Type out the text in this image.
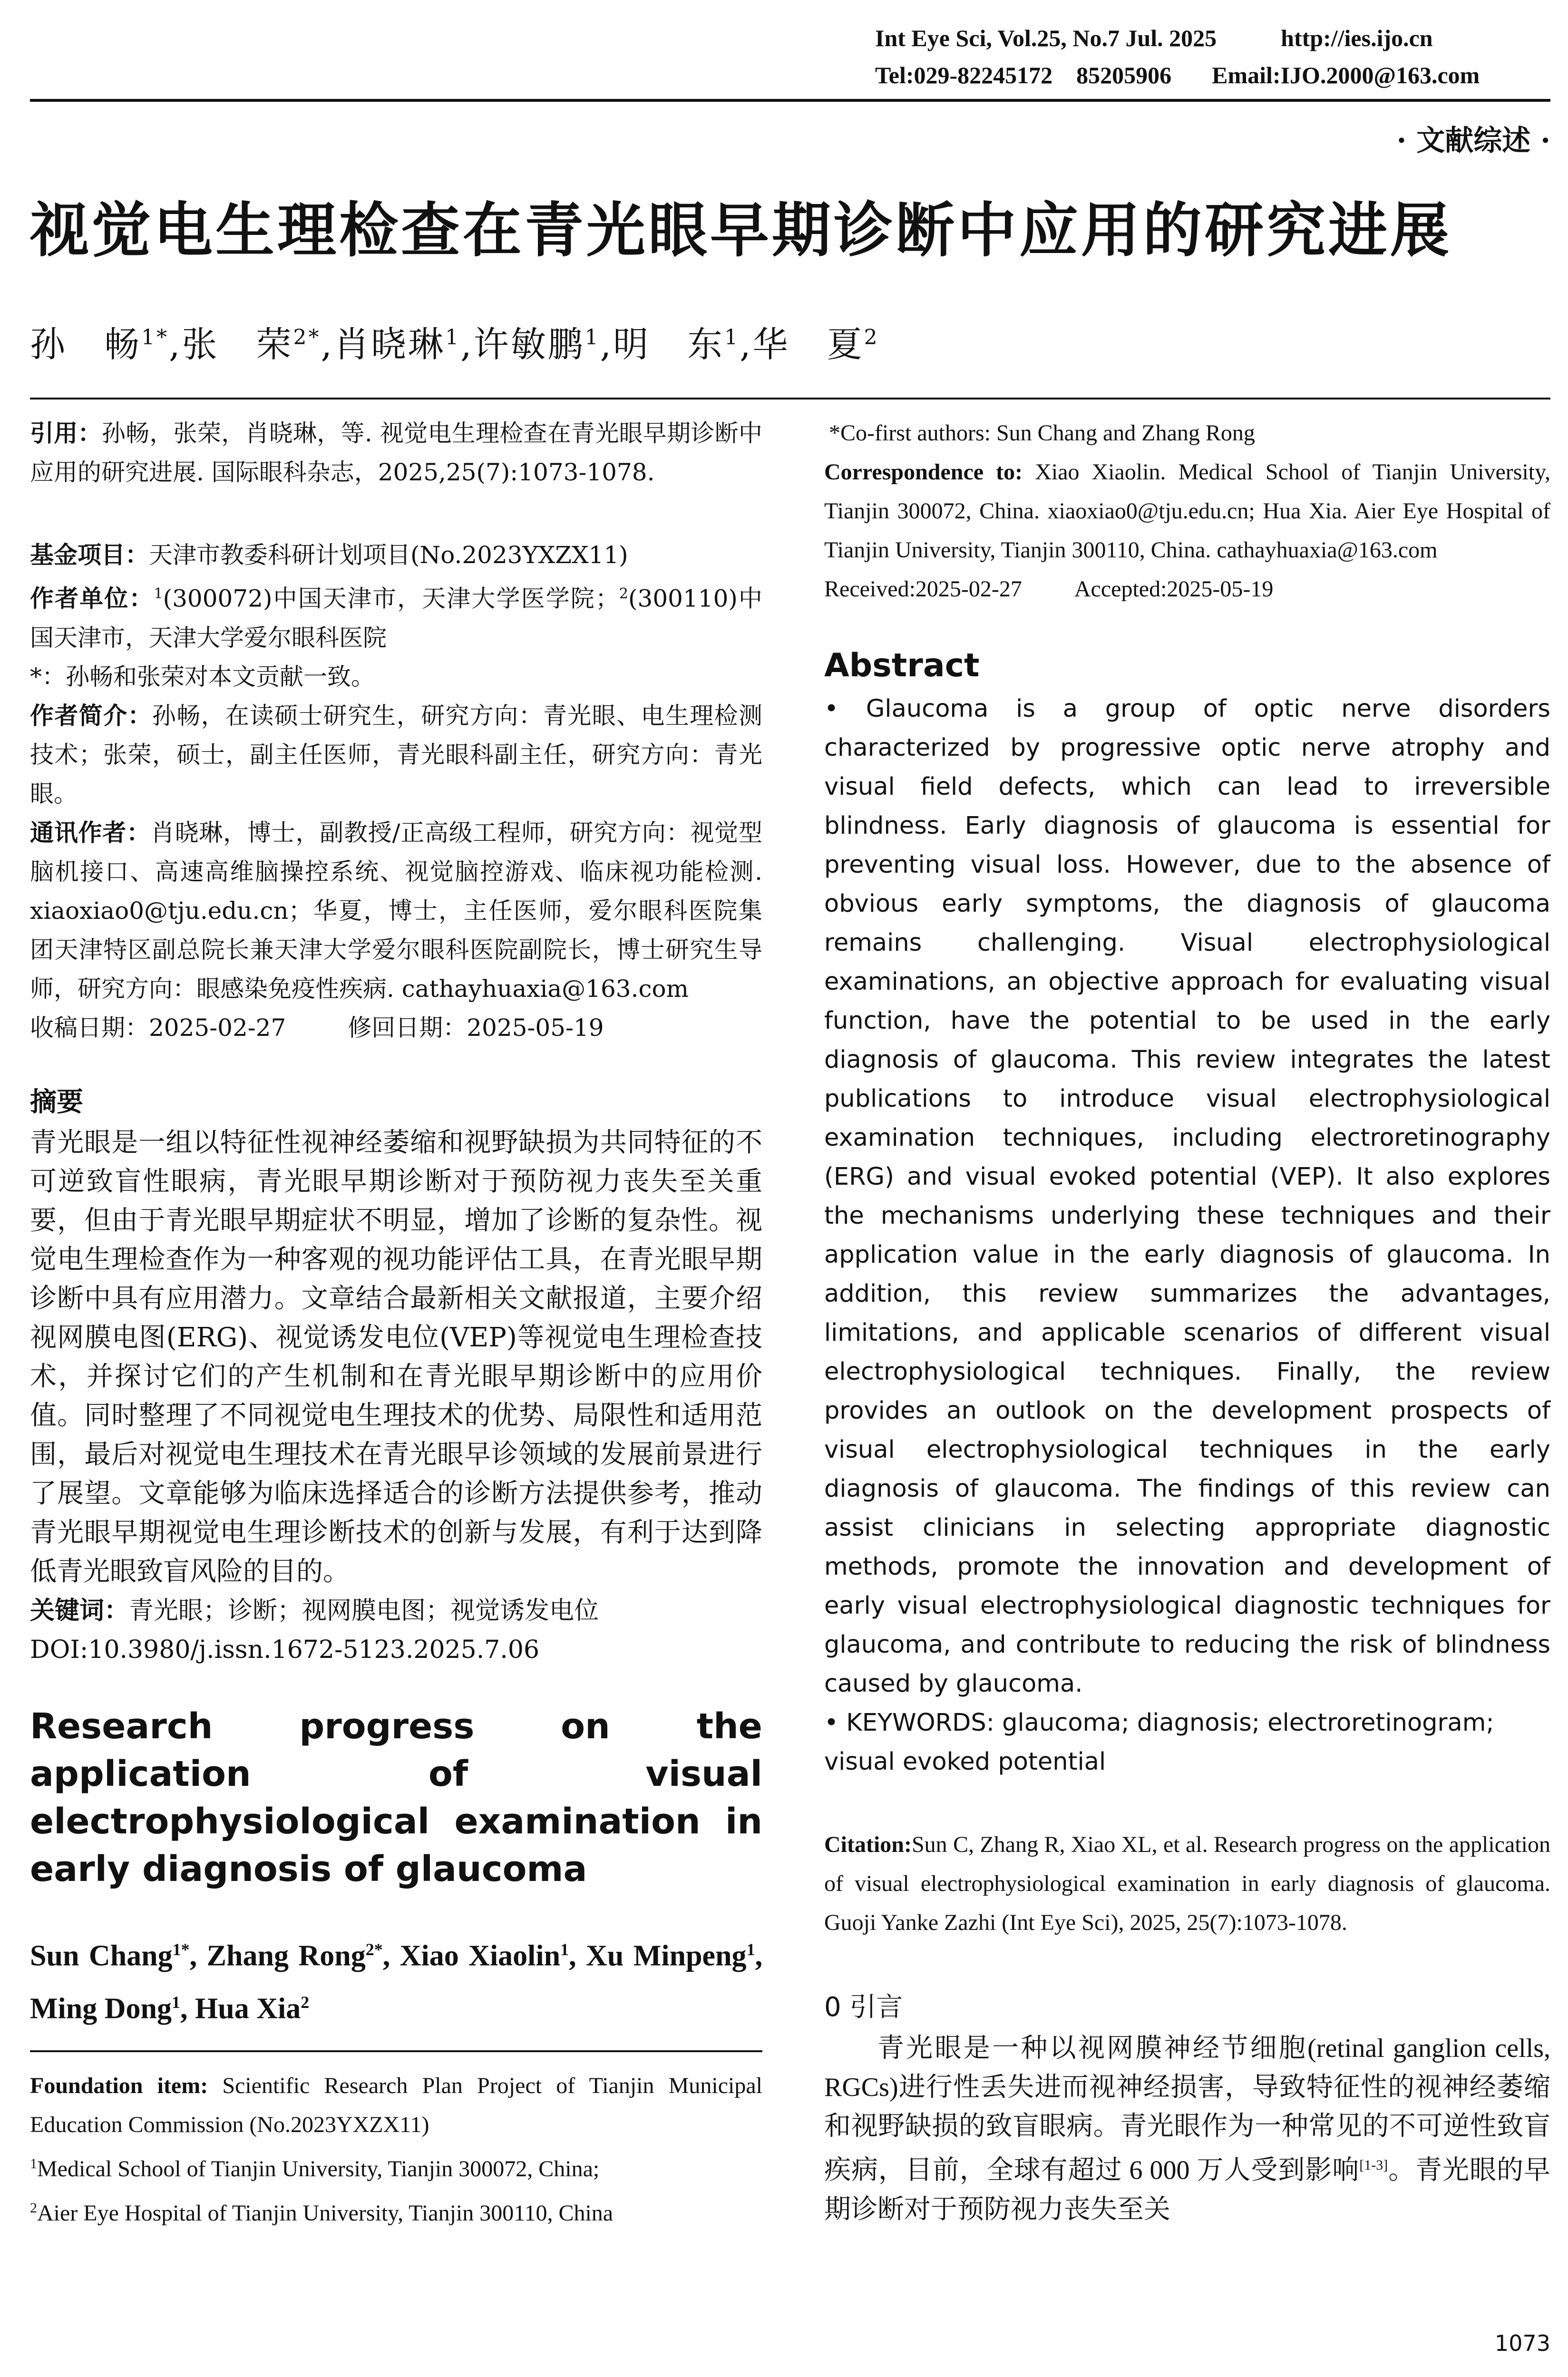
Int Eye Sci, Vol.25, No.7 Jul. 2025	http://ies.ijo.cn
Tel:029-82245172    85205906 Email:IJO.2000@163.com
· 文献综述 ·
视觉电生理检查在青光眼早期诊断中应用的研究进展
孙　畅$^{1*}$,张　荣$^{2*}$,肖晓琳$^1$,许敏鹏$^1$,明　东$^1$,华　夏$^2$

引用：孙畅，张荣，肖晓琳，等. 视觉电生理检查在青光眼早期诊断中应用的研究进展. 国际眼科杂志，2025,25(7):1073-1078.

基金项目：天津市教委科研计划项目(No.2023YXZX11)

作者单位：$^1$(300072)中国天津市，天津大学医学院；$^2$(300110)中国天津市，天津大学爱尔眼科医院

*：孙畅和张荣对本文贡献一致。

作者简介：孙畅，在读硕士研究生，研究方向：青光眼、电生理检测技术；张荣，硕士，副主任医师，青光眼科副主任，研究方向：青光眼。

通讯作者：肖晓琳，博士，副教授/正高级工程师，研究方向：视觉型脑机接口、高速高维脑操控系统、视觉脑控游戏、临床视功能检测. xiaoxiao0@tju.edu.cn；华夏，博士，主任医师，爱尔眼科医院集团天津特区副总院长兼天津大学爱尔眼科医院副院长，博士研究生导师，研究方向：眼感染免疫性疾病. cathayhuaxia@163.com

收稿日期：2025-02-27	修回日期：2025-05-19

摘要

青光眼是一组以特征性视神经萎缩和视野缺损为共同特征的不可逆致盲性眼病，青光眼早期诊断对于预防视力丧失至关重要，但由于青光眼早期症状不明显，增加了诊断的复杂性。视觉电生理检查作为一种客观的视功能评估工具，在青光眼早期诊断中具有应用潜力。文章结合最新相关文献报道，主要介绍视网膜电图(ERG)、视觉诱发电位(VEP)等视觉电生理检查技术，并探讨它们的产生机制和在青光眼早期诊断中的应用价值。同时整理了不同视觉电生理技术的优势、局限性和适用范围，最后对视觉电生理技术在青光眼早诊领域的发展前景进行了展望。文章能够为临床选择适合的诊断方法提供参考，推动青光眼早期视觉电生理诊断技术的创新与发展，有利于达到降低青光眼致盲风险的目的。

关键词：青光眼；诊断；视网膜电图；视觉诱发电位

DOI:10.3980/j.issn.1672-5123.2025.7.06

Research progress on the application of visual electrophysiological examination in early diagnosis of glaucoma

Sun Chang$^{1*}$, Zhang Rong$^{2*}$, Xiao Xiaolin$^1$, Xu Minpeng$^1$, Ming Dong$^1$, Hua Xia$^2$

Foundation item: Scientific Research Plan Project of Tianjin Municipal Education Commission (No.2023YXZX11)

$^1$Medical School of Tianjin University, Tianjin 300072, China;

$^2$Aier Eye Hospital of Tianjin University, Tianjin 300110, China

*Co-first authors: Sun Chang and Zhang Rong

Correspondence to: Xiao Xiaolin. Medical School of Tianjin University, Tianjin 300072, China. xiaoxiao0@tju.edu.cn; Hua Xia. Aier Eye Hospital of Tianjin University, Tianjin 300110, China. cathayhuaxia@163.com

Received:2025-02-27 Accepted:2025-05-19

Abstract

• Glaucoma is a group of optic nerve disorders characterized by progressive optic nerve atrophy and visual field defects, which can lead to irreversible blindness. Early diagnosis of glaucoma is essential for preventing visual loss. However, due to the absence of obvious early symptoms, the diagnosis of glaucoma remains challenging. Visual electrophysiological examinations, an objective approach for evaluating visual function, have the potential to be used in the early diagnosis of glaucoma. This review integrates the latest publications to introduce visual electrophysiological examination techniques, including electroretinography (ERG) and visual evoked potential (VEP). It also explores the mechanisms underlying these techniques and their application value in the early diagnosis of glaucoma. In addition, this review summarizes the advantages, limitations, and applicable scenarios of different visual electrophysiological techniques. Finally, the review provides an outlook on the development prospects of visual electrophysiological techniques in the early diagnosis of glaucoma. The findings of this review can assist clinicians in selecting appropriate diagnostic methods, promote the innovation and development of early visual electrophysiological diagnostic techniques for glaucoma, and contribute to reducing the risk of blindness caused by glaucoma.

• KEYWORDS: glaucoma; diagnosis; electroretinogram; visual evoked potential

Citation:Sun C, Zhang R, Xiao XL, et al. Research progress on the application of visual electrophysiological examination in early diagnosis of glaucoma. Guoji Yanke Zazhi (Int Eye Sci), 2025, 25(7):1073-1078.

0 引言

青光眼是一种以视网膜神经节细胞(retinal ganglion cells, RGCs)进行性丢失进而视神经损害，导致特征性的视神经萎缩和视野缺损的致盲眼病。青光眼作为一种常见的不可逆性致盲疾病，目前，全球有超过 6 000 万人受到影响[1-3]。青光眼的早期诊断对于预防视力丧失至关

1073
